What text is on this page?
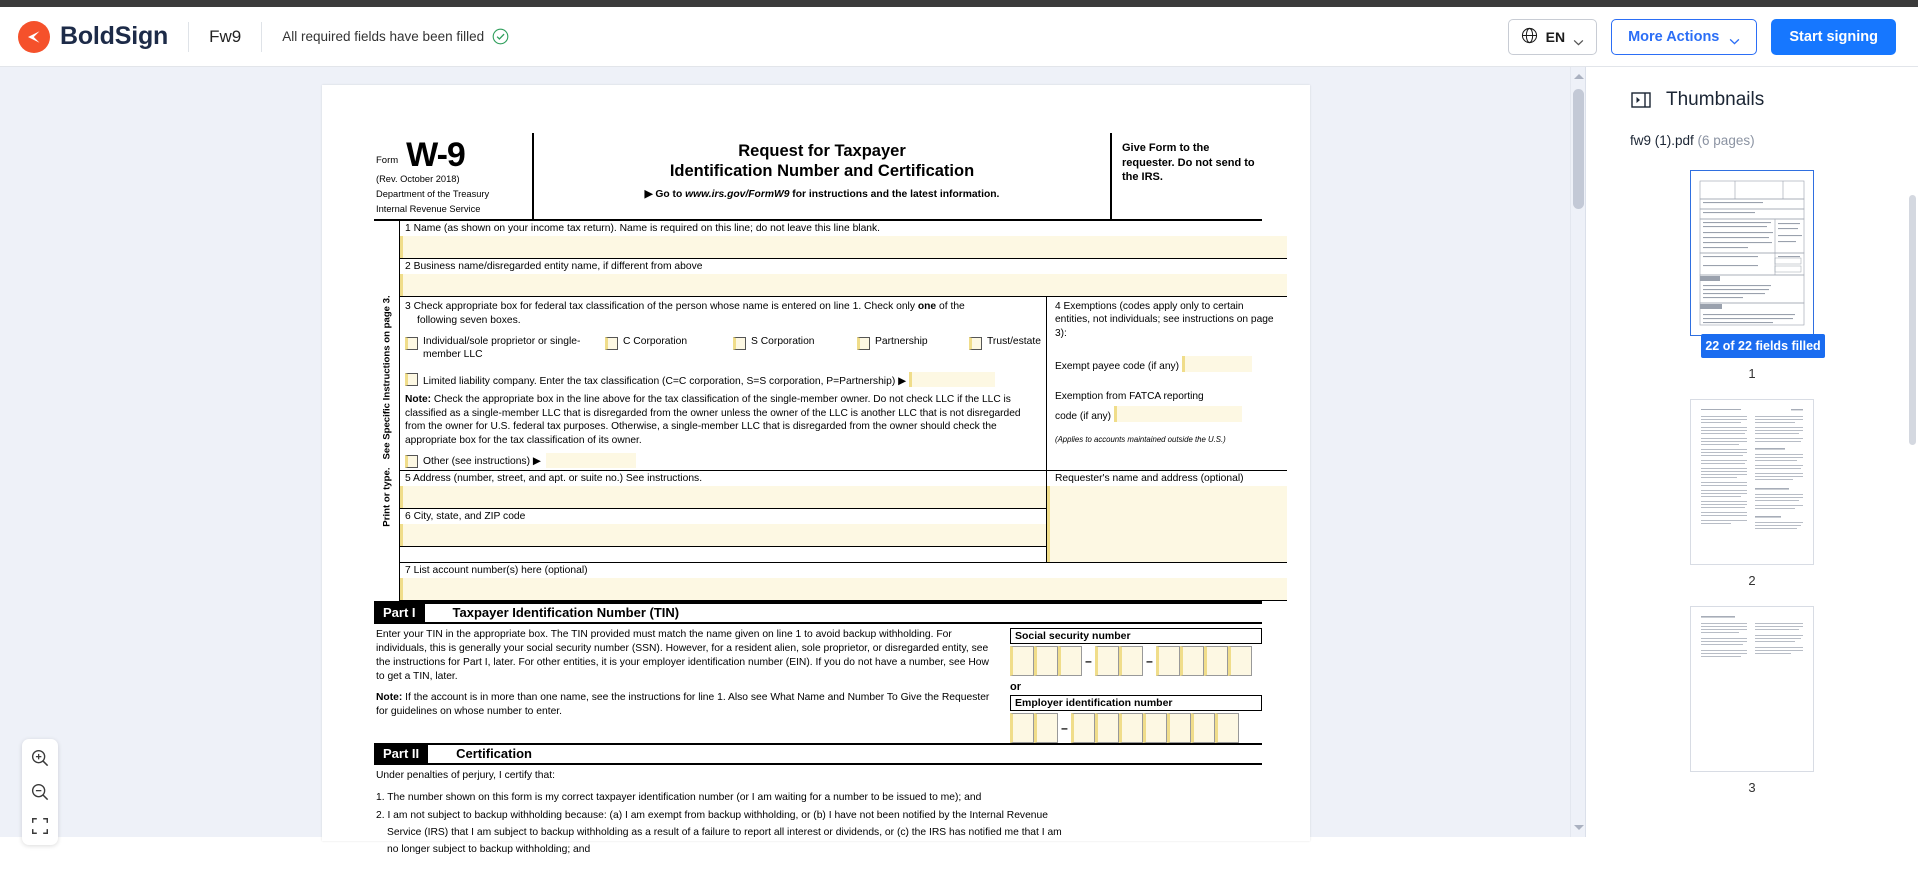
BoldSign Fw9	All required fields have been filled	EN	More Actions	Start signing
Form W-9
(Rev. October 2018)
Department of the Treasury
Internal Revenue Service
Request for Taxpayer
Identification Number and Certification
▶ Go to www.irs.gov/FormW9 for instructions and the latest information.
Give Form to the requester. Do not send to the IRS.
Print or type.   See Specific Instructions on page 3.
1 Name (as shown on your income tax return). Name is required on this line; do not leave this line blank.
2 Business name/disregarded entity name, if different from above
3 Check appropriate box for federal tax classification of the person whose name is entered on line 1. Check only one of the
following seven boxes.
Individual/sole proprietor or single-member LLC
C Corporation	S Corporation	Partnership	Trust/estate
Limited liability company. Enter the tax classification (C=C corporation, S=S corporation, P=Partnership) ▶
Note: Check the appropriate box in the line above for the tax classification of the single-member owner. Do not check LLC if the LLC is classified as a single-member LLC that is disregarded from the owner unless the owner of the LLC is another LLC that is not disregarded from the owner for U.S. federal tax purposes. Otherwise, a single-member LLC that is disregarded from the owner should check the appropriate box for the tax classification of its owner.
Other (see instructions) ▶
4 Exemptions (codes apply only to certain entities, not individuals; see instructions on page 3):
Exempt payee code (if any)
Exemption from FATCA reporting
code (if any)
(Applies to accounts maintained outside the U.S.)
5 Address (number, street, and apt. or suite no.) See instructions.
6 City, state, and ZIP code
Requester's name and address (optional)
7 List account number(s) here (optional)
Part I	Taxpayer Identification Number (TIN)

Enter your TIN in the appropriate box. The TIN provided must match the name given on line 1 to avoid backup withholding. For individuals, this is generally your social security number (SSN). However, for a resident alien, sole proprietor, or disregarded entity, see the instructions for Part I, later. For other entities, it is your employer identification number (EIN). If you do not have a number, see How to get a TIN, later.

Note: If the account is in more than one name, see the instructions for line 1. Also see What Name and Number To Give the Requester for guidelines on whose number to enter.

Social security number
–	–
or
Employer identification number
–
Part II	Certification

Under penalties of perjury, I certify that:

1. The number shown on this form is my correct taxpayer identification number (or I am waiting for a number to be issued to me); and

2. I am not subject to backup withholding because: (a) I am exempt from backup withholding, or (b) I have not been notified by the Internal Revenue

Service (IRS) that I am subject to backup withholding as a result of a failure to report all interest or dividends, or (c) the IRS has notified me that I am

no longer subject to backup withholding; and

Thumbnails
fw9 (1).pdf (6 pages)
22 of 22 fields filled
1
2
3
